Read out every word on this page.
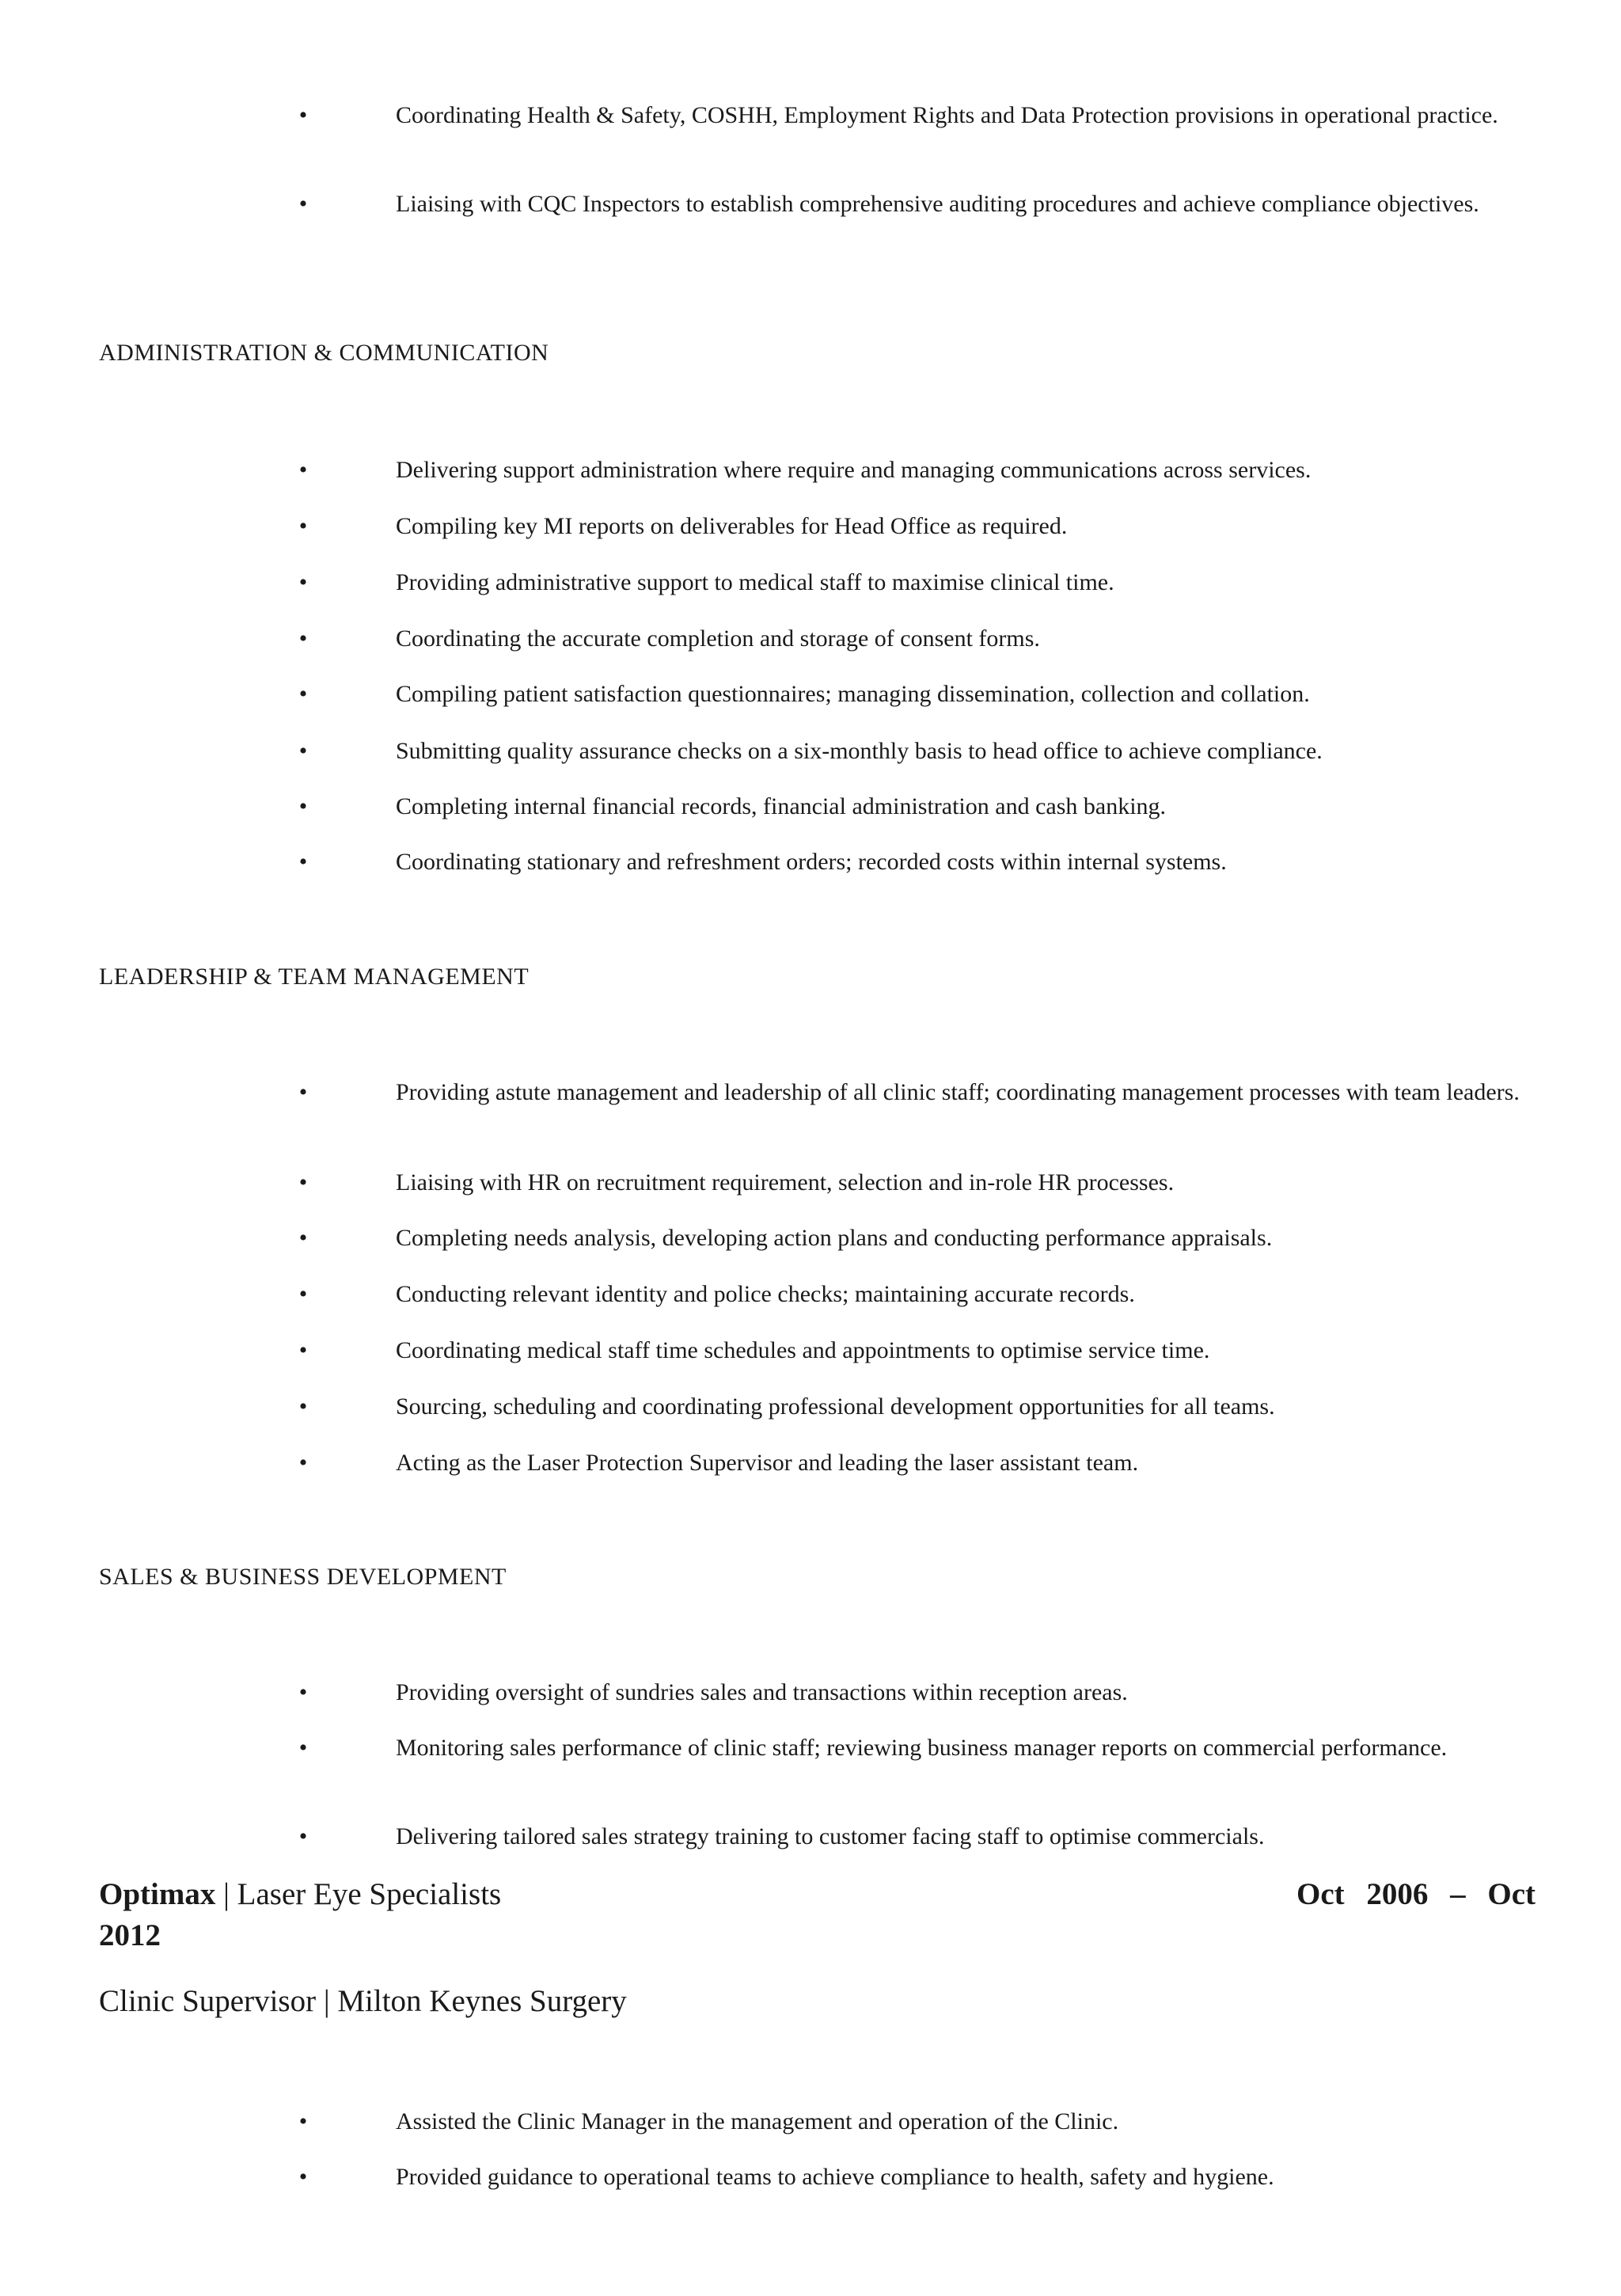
•	Coordinating Health & Safety, COSHH, Employment Rights and Data Protection provisions in operational practice.
•	Liaising with CQC Inspectors to establish comprehensive auditing procedures and achieve compliance objectives.
ADMINISTRATION & COMMUNICATION
•	Delivering support administration where require and managing communications across services.
•	Compiling key MI reports on deliverables for Head Office as required.
•	Providing administrative support to medical staff to maximise clinical time.
•	Coordinating the accurate completion and storage of consent forms.
•	Compiling patient satisfaction questionnaires; managing dissemination, collection and collation.
•	Submitting quality assurance checks on a six-monthly basis to head office to achieve compliance.
•	Completing internal financial records, financial administration and cash banking.
•	Coordinating stationary and refreshment orders; recorded costs within internal systems.
LEADERSHIP & TEAM MANAGEMENT
•	Providing astute management and leadership of all clinic staff; coordinating management processes with team leaders.
•	Liaising with HR on recruitment requirement, selection and in-role HR processes.
•	Completing needs analysis, developing action plans and conducting performance appraisals.
•	Conducting relevant identity and police checks; maintaining accurate records.
•	Coordinating medical staff time schedules and appointments to optimise service time.
•	Sourcing, scheduling and coordinating professional development opportunities for all teams.
•	Acting as the Laser Protection Supervisor and leading the laser assistant team.
SALES & BUSINESS DEVELOPMENT
•	Providing oversight of sundries sales and transactions within reception areas.
•	Monitoring sales performance of clinic staff; reviewing business manager reports on commercial performance.
•	Delivering tailored sales strategy training to customer facing staff to optimise commercials.
Optimax | Laser Eye Specialists	Oct 2006 – Oct
2012
Clinic Supervisor | Milton Keynes Surgery
•	Assisted the Clinic Manager in the management and operation of the Clinic.
•	Provided guidance to operational teams to achieve compliance to health, safety and hygiene.
